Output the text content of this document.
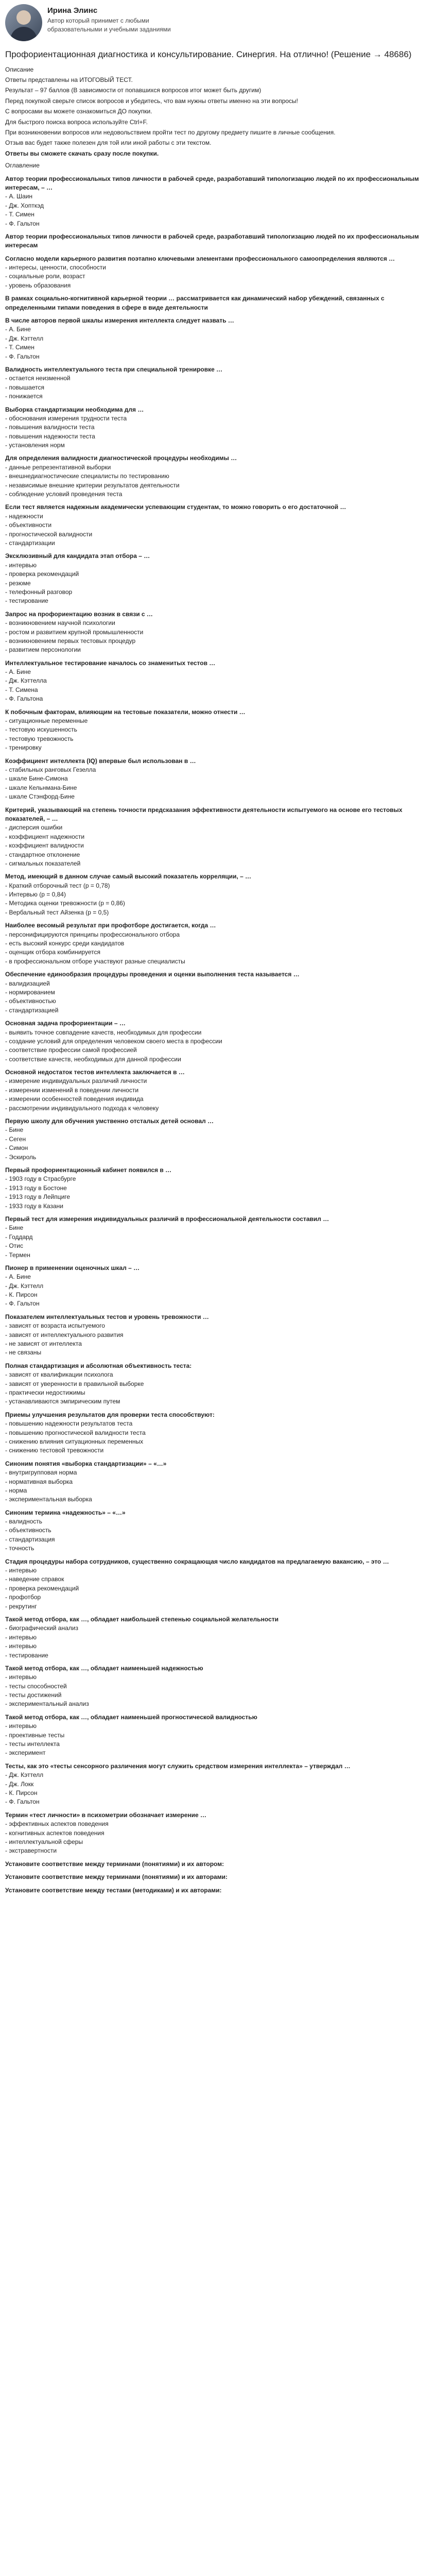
Ирина Элинс
Автор который принимет с любыми образовательными и учебными заданиями
Профориентационная диагностика и консультирование. Синергия. На отлично! (Решение → 48686)
Описание
Ответы представлены на ИТОГОВЫЙ ТЕСТ.
Результат – 97 баллов (В зависимости от попавшихся вопросов итог может быть другим)
Перед покупкой сверьте список вопросов и убедитесь, что вам нужны ответы именно на эти вопросы!
С вопросами вы можете ознакомиться ДО покупки.
Для быстрого поиска вопроса используйте Ctrl+F.
При возникновении вопросов или недовольствием пройти тест по другому предмету пишите в личные сообщения.
Отзыв вас будет также полезен для той или иной работы с эти текстом.
Ответы вы сможете скачать сразу после покупки.
Оглавление
Автор теории профессиональных типов личности в рабочей среде, разработавший типологизацию людей по их профессиональным интересам, – …
- А. Шаин
- Дж. Хопткэд
- Т. Симен
- Ф. Гальтон
Автор теории профессиональных типов личности в рабочей среде, разработавший типологизацию людей по их профессиональным интересам
Согласно модели карьерного развития поэтапно ключевыми элементами профессионального самоопределения являются …
- интересы, ценности, способности
- социальные роли, возраст
- уровень образования
В рамках социально-когнитивной карьерной теории … рассматривается как динамический набор убеждений, связанных с определенными типами поведения в сфере в виде деятельности
В числе авторов первой шкалы измерения интеллекта следует назвать …
- А. Бине
- Дж. Кэттелл
- Т. Симен
- Ф. Гальтон
Валидность интеллектуального теста при специальной тренировке …
- остается неизменной
- повышается
- понижается
Выборка стандартизации необходима для …
- обоснования измерения трудности теста
- повышения валидности теста
- повышения надежности теста
- установления норм
Для определения валидности диагностической процедуры необходимы …
- данные репрезентативной выборки
- внешнедиагностические специалисты по тестированию
- независимые внешние критерии результатов деятельности
- соблюдение условий проведения теста
Если тест является надежным академически успевающим студентам, то можно говорить о его достаточной …
- надежности
- объективности
- прогностической валидности
- стандартизации
Эксклюзивный для кандидата этап отбора – …
- интервью
- проверка рекомендаций
- резюме
- телефонный разговор
- тестирование
Запрос на профориентацию возник в связи с …
- возникновением научной психологии
- ростом и развитием крупной промышленности
- возникновением первых тестовых процедур
- развитием персонологии
Интеллектуальное тестирование началось со знаменитых тестов …
- А. Бине
- Дж. Кэттелла
- Т. Симена
- Ф. Гальтона
К побочным факторам, влияющим на тестовые показатели, можно отнести …
- ситуационные переменные
- тестовую искушенность
- тестовую тревожность
- тренировку
Коэффициент интеллекта (IQ) впервые был использован в …
- стабильных ранговых Гезелла
- шкале Бине-Симона
- шкале Кельнмана-Бине
- шкале Стэнфорд-Бине
Критерий, указывающий на степень точности предсказания эффективности деятельности испытуемого на основе его тестовых показателей, – …
- дисперсия ошибки
- коэффициент надежности
- коэффициент валидности
- стандартное отклонение
- сигмальных показателей
Метод, имеющий в данном случае самый высокий показатель корреляции, – …
- Краткий отборочный тест (p = 0,78)
- Интервью (p = 0,84)
- Методика оценки тревожности (p = 0,86)
- Вербальный тест Айзенка (p = 0,5)
Наиболее весомый результат при профотборе достигается, когда …
- персонифицируются принципы профессионального отбора
- есть высокий конкурс среди кандидатов
- оценщик отбора комбинируется
- в профессиональном отборе участвуют разные специалисты
Обеспечение единообразия процедуры проведения и оценки выполнения теста называется …
- валидизацией
- нормированием
- объективностью
- стандартизацией
Основная задача профориентации – …
- выявить точное совпадение качеств, необходимых для профессии
- создание условий для определения человеком своего места в профессии
- соответствие профессии самой профессией
- соответствие качеств, необходимых для данной профессии
Основной недостаток тестов интеллекта заключается в …
- измерение индивидуальных различий личности
- измерении изменений в поведении личности
- измерении особенностей поведения индивида
- рассмотрении индивидуального подхода к человеку
Первую школу для обучения умственно отсталых детей основал …
- Бине
- Сеген
- Симон
- Эскироль
Первый профориентационный кабинет появился в …
- 1903 году в Страсбурге
- 1913 году в Бостоне
- 1913 году в Лейпциге
- 1933 году в Казани
Первый тест для измерения индивидуальных различий в профессиональной деятельности составил …
- Бине
- Годдард
- Отис
- Термен
Пионер в применении оценочных шкал – …
- А. Бине
- Дж. Кэттелл
- К. Пирсон
- Ф. Гальтон
Показателем интеллектуальных тестов и уровень тревожности …
- зависят от возраста испытуемого
- зависят от интеллектуального развития
- не зависят от интеллекта
- не связаны
Полная стандартизация и абсолютная объективность теста:
- зависят от квалификации психолога
- зависят от уверенности в правильной выборке
- практически недостижимы
- устанавливаются эмпирическим путем
Приемы улучшения результатов для проверки теста способствуют:
- повышению надежности результатов теста
- повышению прогностической валидности теста
- снижению влияния ситуационных переменных
- снижению тестовой тревожности
Синоним понятия «выборка стандартизации» – «…»
- внутригрупповая норма
- нормативная выборка
- норма
- экспериментальная выборка
Синоним термина «надежность» – «…»
- валидность
- объективность
- стандартизация
- точность
Стадия процедуры набора сотрудников, существенно сокращающая число кандидатов на предлагаемую вакансию, – это …
- интервью
- наведение справок
- проверка рекомендаций
- профотбор
- рекрутинг
Такой метод отбора, как …, обладает наибольшей степенью социальной желательности
- биографический анализ
- интервью
- интервью
- тестирование
Такой метод отбора, как …, обладает наименьшей надежностью
- интервью
- тесты способностей
- тесты достижений
- экспериментальный анализ
Такой метод отбора, как …, обладает наименьшей прогностической валидностью
- интервью
- проективные тесты
- тесты интеллекта
- эксперимент
Тесты, как это «тесты сенсорного различения могут служить средством измерения интеллекта» – утверждал …
- Дж. Кэттелл
- Дж. Локк
- К. Пирсон
- Ф. Гальтон
Термин «тест личности» в психометрии обозначает измерение …
- эффективных аспектов поведения
- когнитивных аспектов поведения
- интеллектуальной сферы
- экстравертности
Установите соответствие между терминами (понятиями) и их автором:
Установите соответствие между терминами (понятиями) и их авторами:
Установите соответствие между тестами (методиками) и их авторами:
